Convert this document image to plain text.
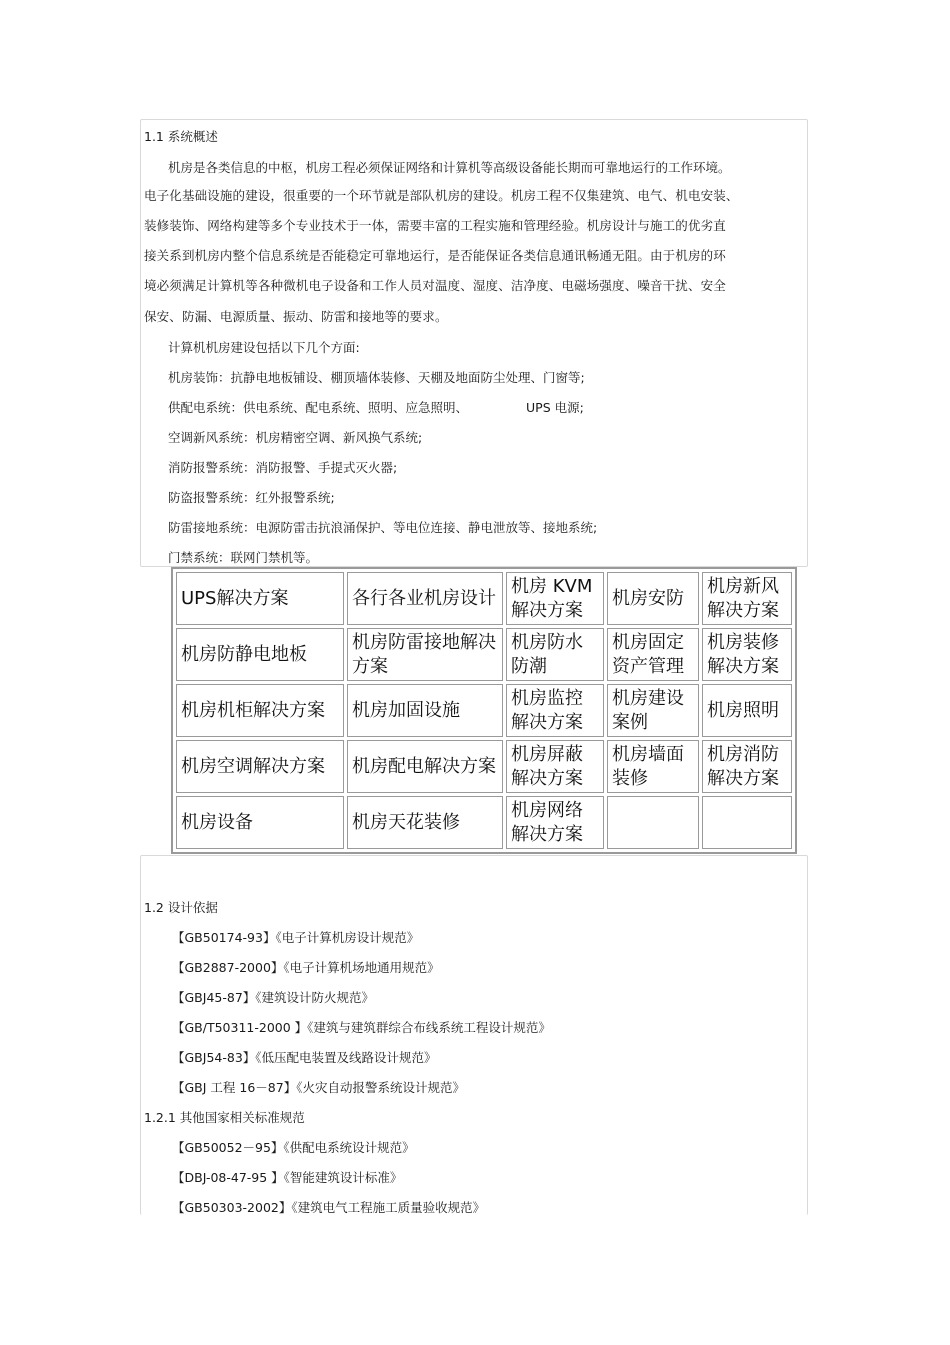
1.1 系统概述
机房是各类信息的中枢，机房工程必须保证网络和计算机等高级设备能长期而可靠地运行的工作环境。
电子化基础设施的建设，很重要的一个环节就是部队机房的建设。机房工程不仅集建筑、电气、机电安装、
装修装饰、网络构建等多个专业技术于一体，需要丰富的工程实施和管理经验。机房设计与施工的优劣直
接关系到机房内整个信息系统是否能稳定可靠地运行，是否能保证各类信息通讯畅通无阻。由于机房的环
境必须满足计算机等各种微机电子设备和工作人员对温度、湿度、洁净度、电磁场强度、噪音干扰、安全
保安、防漏、电源质量、振动、防雷和接地等的要求。
计算机机房建设包括以下几个方面:
机房装饰：抗静电地板铺设、棚顶墙体装修、天棚及地面防尘处理、门窗等;
供配电系统：供电系统、配电系统、照明、应急照明、	UPS 电源;
空调新风系统：机房精密空调、新风换气系统;
消防报警系统：消防报警、手提式灭火器;
防盗报警系统：红外报警系统;
防雷接地系统：电源防雷击抗浪涌保护、等电位连接、静电泄放等、接地系统;
门禁系统：联网门禁机等。
UPS解决方案	各行各业机房设计	机房 KVM 解决方案	机房安防	机房新风解决方案
机房防静电地板	机房防雷接地解决方案	机房防水防潮	机房固定资产管理	机房装修解决方案
机房机柜解决方案	机房加固设施	机房监控解决方案	机房建设案例	机房照明
机房空调解决方案	机房配电解决方案	机房屏蔽解决方案	机房墙面装修	机房消防解决方案
机房设备	机房天花装修	机房网络解决方案		
1.2 设计依据
【GB50174-93】《电子计算机房设计规范》
【GB2887-2000】《电子计算机场地通用规范》
【GBJ45-87】《建筑设计防火规范》
【GB/T50311-2000 】《建筑与建筑群综合布线系统工程设计规范》
【GBJ54-83】《低压配电装置及线路设计规范》
【GBJ 工程 16－87】《火灾自动报警系统设计规范》
1.2.1 其他国家相关标准规范
【GB50052－95】《供配电系统设计规范》
【DBJ-08-47-95 】《智能建筑设计标准》
【GB50303-2002】《建筑电气工程施工质量验收规范》
